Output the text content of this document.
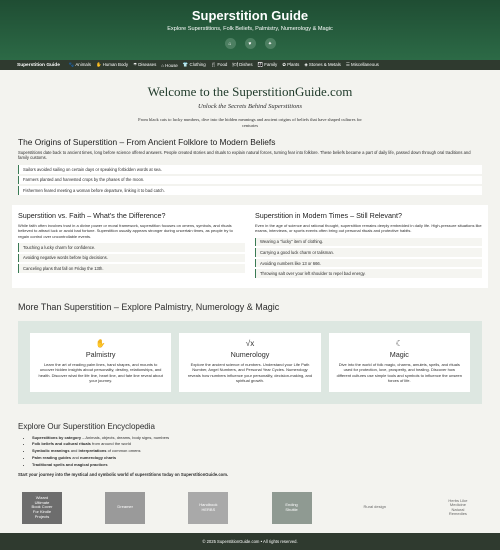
Superstition Guide
Explore Superstitions, Folk Beliefs, Palmistry, Numerology & Magic
⌂	♥	✦
Superstition Guide 🐾 Animals ✋ Human Body ☂ Diseases ⌂ House 👕 Clothing 🍴 Food 🍽 Dishes 👪 Family ✿ Plants ◈ Stones & Metals ☰ Miscellaneous
Welcome to the SuperstitionGuide.com
Unlock the Secrets Behind Superstitions
From black cats to lucky numbers, dive into the hidden meanings and ancient origins of beliefs that have shaped cultures for centuries
The Origins of Superstition – From Ancient Folklore to Modern Beliefs

Superstitions date back to ancient times, long before science offered answers. People created stories and rituals to explain natural forces, turning fear into folklore. These beliefs became a part of daily life, passed down through oral traditions and family customs.

Sailors avoided sailing on certain days or speaking forbidden words at sea.
Farmers planted and harvested crops by the phases of the moon.
Fishermen feared meeting a woman before departure, linking it to bad catch.
Superstition vs. Faith – What's the Difference?

While faith often involves trust in a divine power or moral framework, superstition focuses on omens, symbols, and rituals believed to attract luck or avoid bad fortune. Superstition usually appears stronger during uncertain times, as people try to regain control over uncontrollable events.

Touching a lucky charm for confidence.
Avoiding negative words before big decisions.
Canceling plans that fall on Friday the 13th.
Superstition in Modern Times – Still Relevant?

Even in the age of science and rational thought, superstition remains deeply embedded in daily life. High-pressure situations like exams, interviews, or sports events often bring out personal rituals and protective habits.

Wearing a "lucky" item of clothing.
Carrying a good luck charm or talisman.
Avoiding numbers like 13 or 666.
Throwing salt over your left shoulder to repel bad energy.
More Than Superstition – Explore Palmistry, Numerology & Magic
✋
Palmistry

Learn the art of reading palm lines, hand shapes, and mounts to uncover hidden insights about personality, destiny, relationships, and health. Discover what the life line, heart line, and fate line reveal about your journey.

√x
Numerology

Explore the ancient science of numbers. Understand your Life Path Number, Angel Numbers, and Personal Year Cycles. Numerology reveals how numbers influence your personality, decision-making, and spiritual growth.

☾
Magic

Dive into the world of folk magic, charms, amulets, spells, and rituals used for protection, love, prosperity, and healing. Discover how different cultures use simple tools and symbols to influence the unseen forces of life.

Explore Our Superstition Encyclopedia
• Superstitions by category – Animals, objects, dreams, body signs, numbers
• Folk beliefs and cultural rituals from around the world
• Symbolic meanings and interpretations of common omens
• Palm reading guides and numerology charts
• Traditional spells and magical practices
Start your journey into the mystical and symbolic world of superstitions today on SuperstitionGuide.com.
Wizard
Ultimate
Book Cover
For Kindle
Projects
Dreamer	Handbook
HERBS
Ending
Shuttle	Rural design
Herbs Like
Medicine
Natural
Remedies
© 2025 SuperstitionGuide.com • All rights reserved.
